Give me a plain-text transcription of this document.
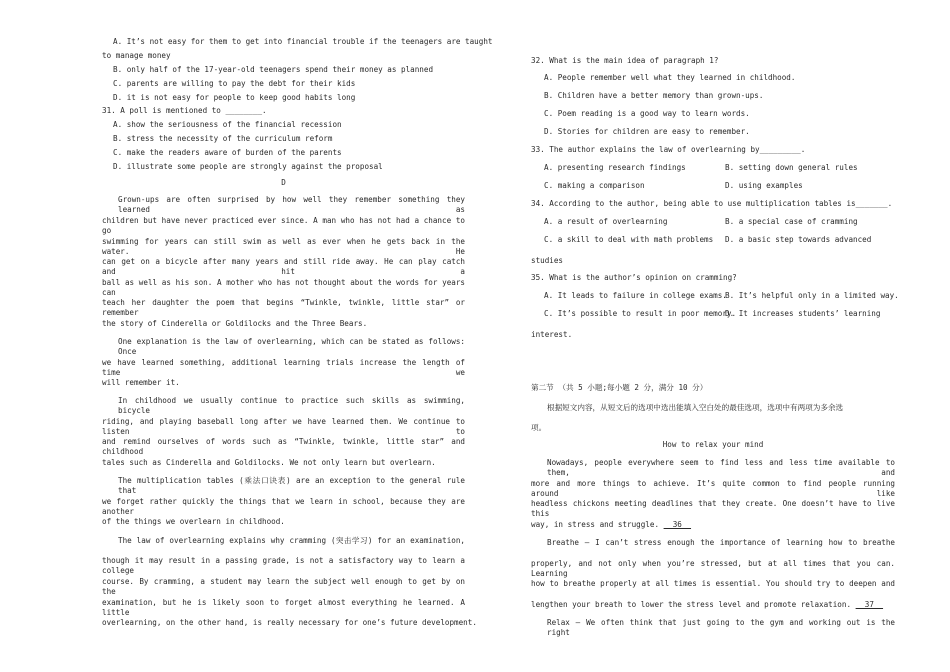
A. It’s not easy for them to get into financial trouble if the teenagers are taught
to manage money
B. only half of the 17-year-old teenagers spend their money as planned
C. parents are willing to pay the debt for their kids
D. it is not easy for people to keep good habits long
31. A poll is mentioned to ________.
A. show the seriousness of the financial recession
B. stress the necessity of the curriculum reform
C. make the readers aware of burden of the parents
D. illustrate some people are strongly against the proposal
D
Grown-ups are often surprised by how well they remember something they learned as
children but have never practiced ever since. A man who has not had a chance to go
swimming for years can still swim as well as ever when he gets back in the water. He
can get on a bicycle after many years and still ride away. He can play catch and hit a
ball as well as his son. A mother who has not thought about the words for years can
teach her daughter the poem that begins “Twinkle, twinkle, little star” or remember
the story of Cinderella or Goldilocks and the Three Bears.
One explanation is the law of overlearning, which can be stated as follows: Once
we have learned something, additional learning trials increase the length of time we
will remember it.
In childhood we usually continue to practice such skills as swimming, bicycle
riding, and playing baseball long after we have learned them. We continue to listen to
and remind ourselves of words such as “Twinkle, twinkle, little star” and childhood
tales such as Cinderella and Goldilocks. We not only learn but overlearn.
The multiplication tables (乘法口诀表) are an exception to the general rule that
we forget rather quickly the things that we learn in school, because they are another
of the things we overlearn in childhood.
The law of overlearning explains why cramming (突击学习) for an examination,
though it may result in a passing grade, is not a satisfactory way to learn a college
course. By cramming, a student may learn the subject well enough to get by on the
examination, but he is likely soon to forget almost everything he learned. A little
overlearning, on the other hand, is really necessary for one’s future development.
32. What is the main idea of paragraph 1?
A. People remember well what they learned in childhood.
B. Children have a better memory than grown-ups.
C. Poem reading is a good way to learn words.
D. Stories for children are easy to remember.
33. The author explains the law of overlearning by_________.
A. presenting research findings	B. setting down general rules
C. making a comparison	D. using examples
34. According to the author, being able to use multiplication tables is_______.
A. a result of overlearning	B. a special case of cramming
C. a skill to deal with math problems D. a basic step towards advanced
studies
35. What is the author’s opinion on cramming?
A. It leads to failure in college exams.
B. It’s helpful only in a limited way.
C. It’s possible to result in poor memory.
D. It increases students’ learning
interest.
第二节 （共 5 小题;每小题 2 分，满分 10 分）
根据短文内容，从短文后的选项中选出能填入空白处的最佳选项，选项中有两项为多余选
项。
How to relax your mind
Nowadays, people everywhere seem to find less and less time available to them, and
more and more things to achieve. It’s quite common to find people running around like
headless chickons meeting deadlines that they create. One doesn’t have to live this
way, in stress and struggle.   36
Breathe — I can’t stress enough the importance of learning how to breathe
properly, and not only when you’re stressed, but at all times that you can. Learning
how to breathe properly at all times is essential. You should try to deepen and
lengthen your breath to lower the stress level and promote relaxation.   37
Relax — We often think that just going to the gym and working out is the right
